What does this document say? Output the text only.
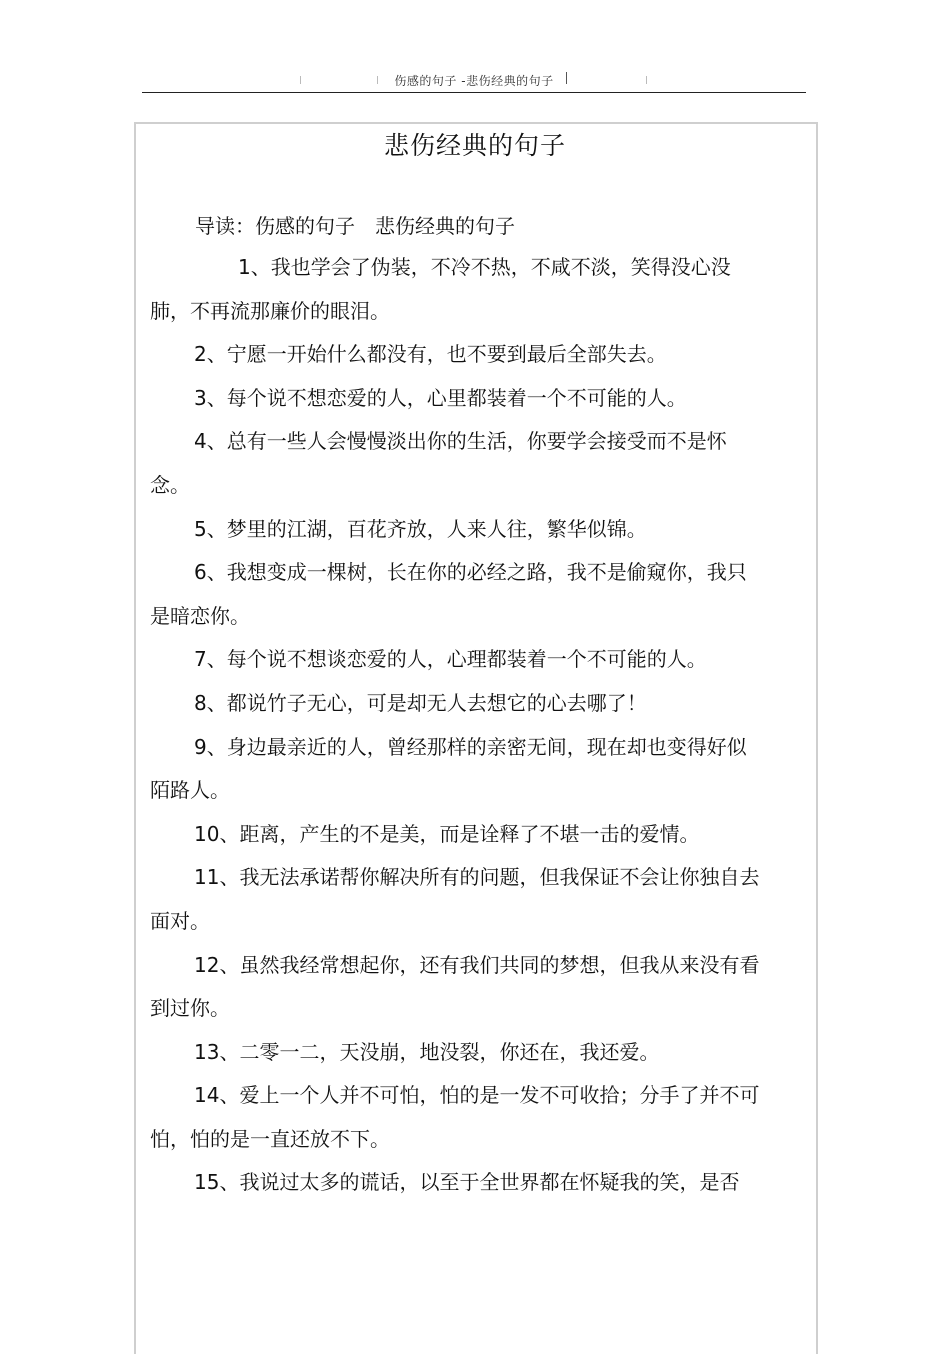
伤感的句子 -悲伤经典的句子
悲伤经典的句子
导读：伤感的句子 悲伤经典的句子

1、我也学会了伪装，不冷不热，不咸不淡，笑得没心没肺，不再流那廉价的眼泪。

2、宁愿一开始什么都没有，也不要到最后全部失去。

3、每个说不想恋爱的人，心里都装着一个不可能的人。

4、总有一些人会慢慢淡出你的生活，你要学会接受而不是怀念。

5、梦里的江湖，百花齐放，人来人往，繁华似锦。

6、我想变成一棵树，长在你的必经之路，我不是偷窥你，我只是暗恋你。

7、每个说不想谈恋爱的人，心理都装着一个不可能的人。

8、都说竹子无心，可是却无人去想它的心去哪了！

9、身边最亲近的人，曾经那样的亲密无间，现在却也变得好似陌路人。

10、距离，产生的不是美，而是诠释了不堪一击的爱情。

11、我无法承诺帮你解决所有的问题，但我保证不会让你独自去面对。

12、虽然我经常想起你，还有我们共同的梦想，但我从来没有看到过你。

13、二零一二，天没崩，地没裂，你还在，我还爱。

14、爱上一个人并不可怕，怕的是一发不可收拾；分手了并不可怕，怕的是一直还放不下。

15、我说过太多的谎话，以至于全世界都在怀疑我的笑，是否
